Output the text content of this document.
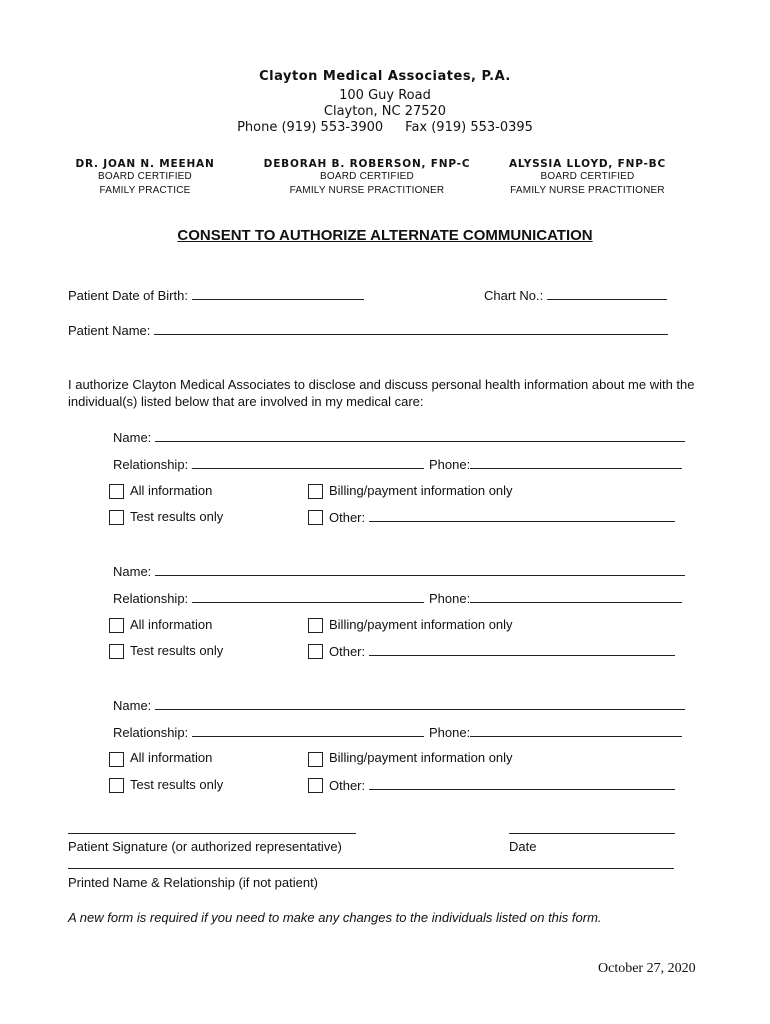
Clayton Medical Associates, P.A.
100 Guy Road
Clayton, NC 27520
Phone (919) 553-3900 Fax (919) 553-0395
DR. JOAN N. MEEHAN
BOARD CERTIFIED
FAMILY PRACTICE
DEBORAH B. ROBERSON, FNP-C
BOARD CERTIFIED
FAMILY NURSE PRACTITIONER
ALYSSIA LLOYD, FNP-BC
BOARD CERTIFIED
FAMILY NURSE PRACTITIONER
CONSENT TO AUTHORIZE ALTERNATE COMMUNICATION
Patient Date of Birth:	Chart No.:
Patient Name:
I authorize Clayton Medical Associates to disclose and discuss personal health information about me with the
individual(s) listed below that are involved in my medical care:
Name:
Relationship:	Phone:
All information	Billing/payment information only
Test results only	Other:
Name:
Relationship:	Phone:
All information	Billing/payment information only
Test results only	Other:
Name:
Relationship:	Phone:
All information	Billing/payment information only
Test results only	Other:
Patient Signature (or authorized representative)	Date
Printed Name & Relationship (if not patient)
A new form is required if you need to make any changes to the individuals listed on this form.
October 27, 2020
